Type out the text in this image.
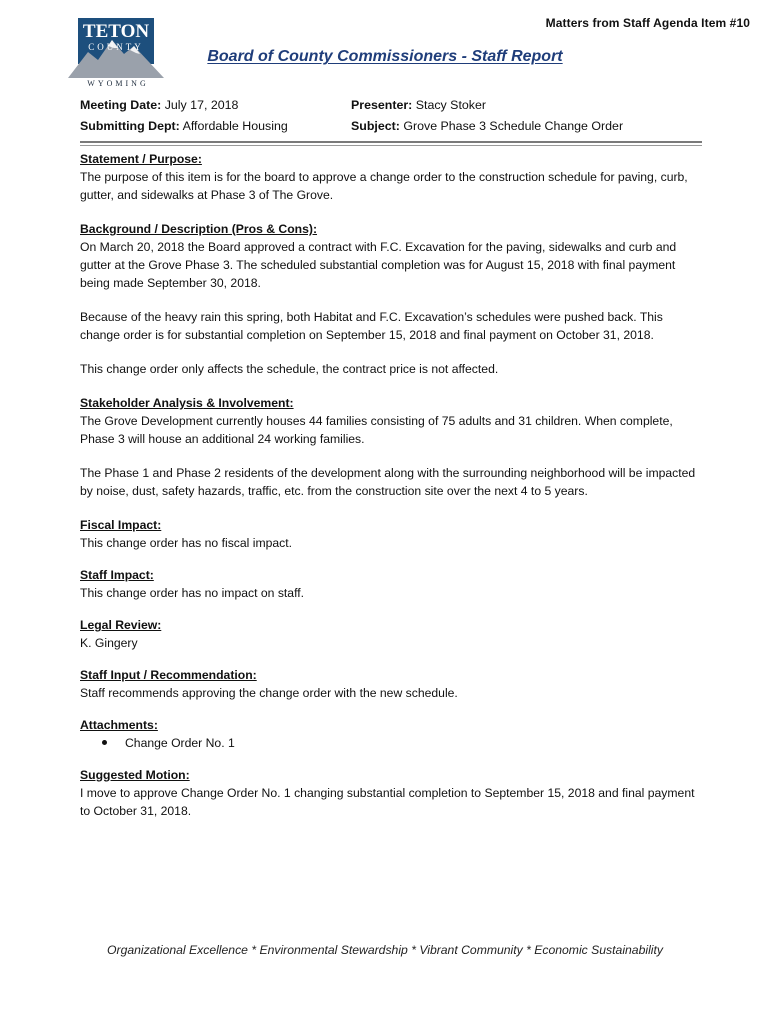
Matters from Staff Agenda Item #10
TETON
COUNTY
WYOMING
Board of County Commissioners - Staff Report
Meeting Date: July 17, 2018
Submitting Dept: Affordable Housing
Presenter: Stacy Stoker
Subject: Grove Phase 3 Schedule Change Order

Statement / Purpose:

The purpose of this item is for the board to approve a change order to the construction schedule for paving, curb, gutter, and sidewalks at Phase 3 of The Grove.

Background / Description (Pros & Cons):

On March 20, 2018 the Board approved a contract with F.C. Excavation for the paving, sidewalks and curb and gutter at the Grove Phase 3. The scheduled substantial completion was for August 15, 2018 with final payment being made September 30, 2018.

Because of the heavy rain this spring, both Habitat and F.C. Excavation’s schedules were pushed back. This change order is for substantial completion on September 15, 2018 and final payment on October 31, 2018.

This change order only affects the schedule, the contract price is not affected.

Stakeholder Analysis & Involvement:

The Grove Development currently houses 44 families consisting of 75 adults and 31 children. When complete, Phase 3 will house an additional 24 working families.

The Phase 1 and Phase 2 residents of the development along with the surrounding neighborhood will be impacted by noise, dust, safety hazards, traffic, etc. from the construction site over the next 4 to 5 years.

Fiscal Impact:

This change order has no fiscal impact.

Staff Impact:

This change order has no impact on staff.

Legal Review:

K. Gingery

Staff Input / Recommendation:

Staff recommends approving the change order with the new schedule.

Attachments:

Change Order No. 1

Suggested Motion:

I move to approve Change Order No. 1 changing substantial completion to September 15, 2018 and final payment to October 31, 2018.

Organizational Excellence * Environmental Stewardship * Vibrant Community * Economic Sustainability
